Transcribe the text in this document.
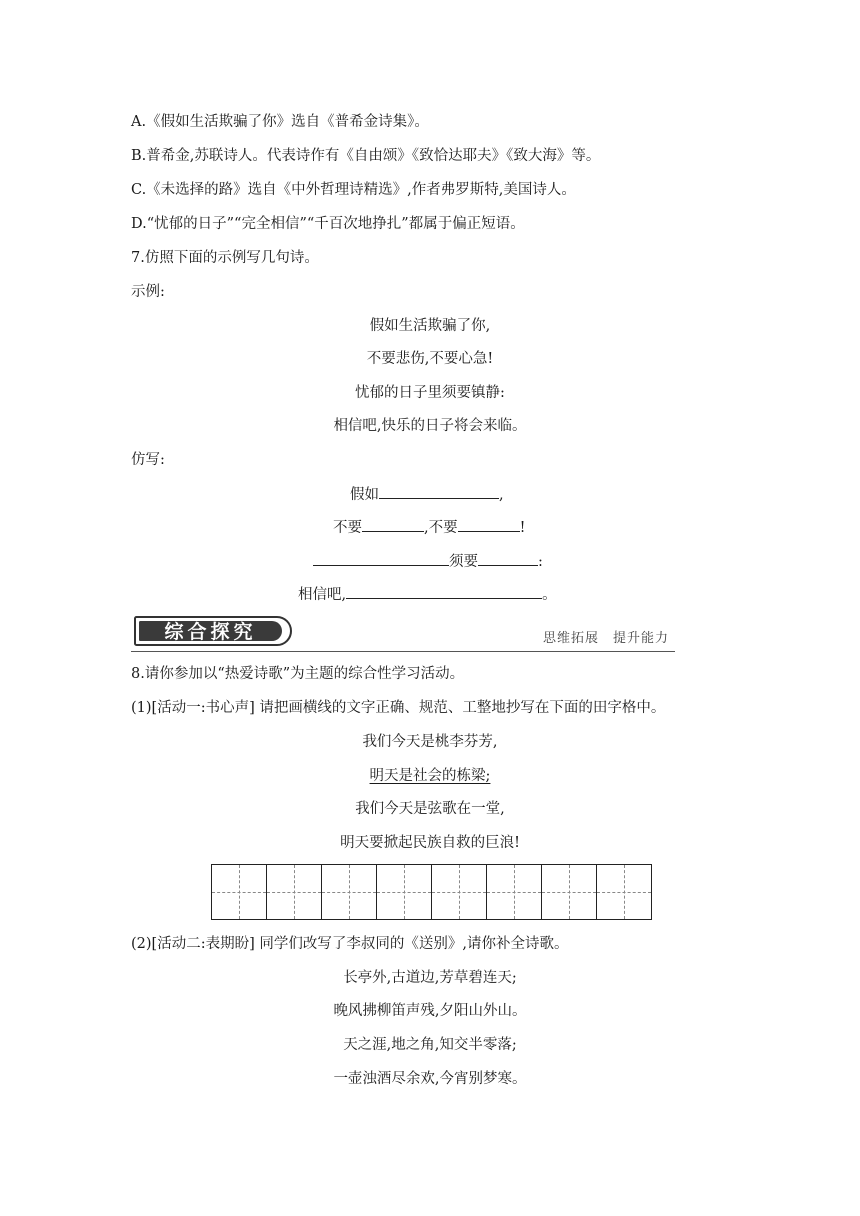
A.《假如生活欺骗了你》选自《普希金诗集》。
B.普希金,苏联诗人。代表诗作有《自由颂》《致恰达耶夫》《致大海》等。
C.《未选择的路》选自《中外哲理诗精选》,作者弗罗斯特,美国诗人。
D.“忧郁的日子”“完全相信”“千百次地挣扎”都属于偏正短语。
7.仿照下面的示例写几句诗。
示例:
假如生活欺骗了你,
不要悲伤,不要心急!
忧郁的日子里须要镇静:
相信吧,快乐的日子将会来临。
仿写:
假如	,
不要	,不要	!
须要	:
相信吧,	。
综合探究	思维拓展 提升能力
8.请你参加以“热爱诗歌”为主题的综合性学习活动。
(1)[活动一:书心声] 请把画横线的文字正确、规范、工整地抄写在下面的田字格中。
我们今天是桃李芬芳,
明天是社会的栋梁;
我们今天是弦歌在一堂,
明天要掀起民族自救的巨浪!
(2)[活动二:表期盼] 同学们改写了李叔同的《送别》,请你补全诗歌。
长亭外,古道边,芳草碧连天;
晚风拂柳笛声残,夕阳山外山。
天之涯,地之角,知交半零落;
一壶浊酒尽余欢,今宵别梦寒。
